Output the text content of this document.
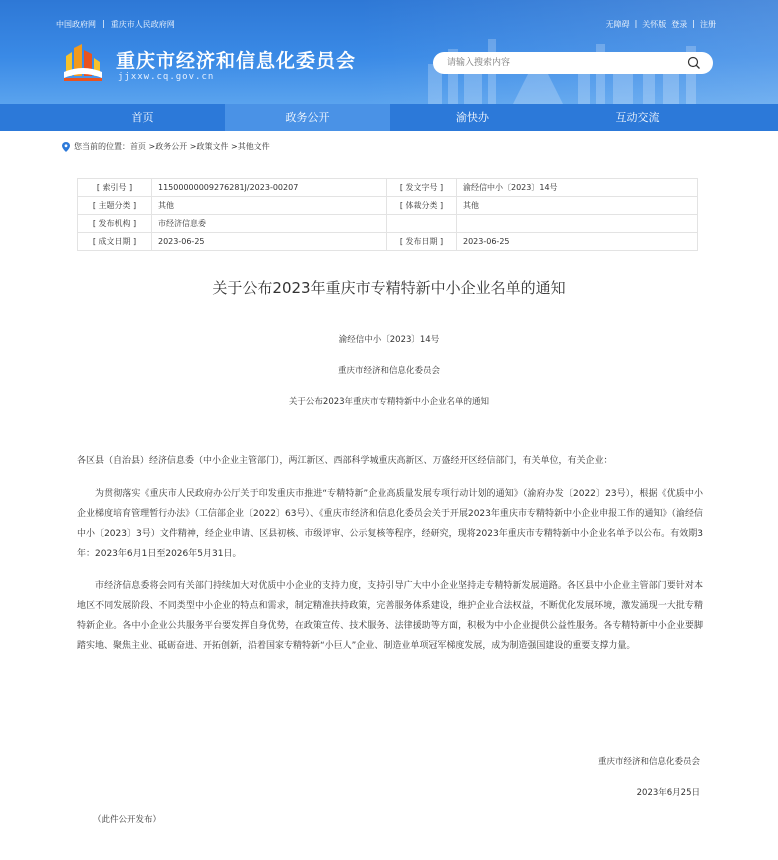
中国政府网 | 重庆市人民政府网	无障碍 | 关怀版 登录 | 注册
重庆市经济和信息化委员会
jjxxw.cq.gov.cn
请输入搜索内容
首页	政务公开	渝快办	互动交流
您当前的位置：首页 >政务公开 >政策文件 >其他文件
[ 索引号 ]	11500000009276281J/2023-00207	[ 发文字号 ]	渝经信中小〔2023〕14号
[ 主题分类 ]	其他	[ 体裁分类 ]	其他
[ 发布机构 ]	市经济信息委		
[ 成文日期 ]	2023-06-25	[ 发布日期 ]	2023-06-25
关于公布2023年重庆市专精特新中小企业名单的通知
渝经信中小〔2023〕14号
重庆市经济和信息化委员会
关于公布2023年重庆市专精特新中小企业名单的通知
各区县（自治县）经济信息委（中小企业主管部门），两江新区、西部科学城重庆高新区、万盛经开区经信部门，有关单位，有关企业：
为贯彻落实《重庆市人民政府办公厅关于印发重庆市推进“专精特新”企业高质量发展专项行动计划的通知》（渝府办发〔2022〕23号），根据《优质中小企业梯度培育管理暂行办法》（工信部企业〔2022〕63号）、《重庆市经济和信息化委员会关于开展2023年重庆市专精特新中小企业申报工作的通知》（渝经信中小〔2023〕3号）文件精神，经企业申请、区县初核、市级评审、公示复核等程序，经研究，现将2023年重庆市专精特新中小企业名单予以公布。有效期3年：2023年6月1日至2026年5月31日。
市经济信息委将会同有关部门持续加大对优质中小企业的支持力度，支持引导广大中小企业坚持走专精特新发展道路。各区县中小企业主管部门要针对本地区不同发展阶段、不同类型中小企业的特点和需求，制定精准扶持政策，完善服务体系建设，维护企业合法权益，不断优化发展环境，激发涌现一大批专精特新企业。各中小企业公共服务平台要发挥自身优势，在政策宣传、技术服务、法律援助等方面，积极为中小企业提供公益性服务。各专精特新中小企业要脚踏实地、聚焦主业、砥砺奋进、开拓创新，沿着国家专精特新“小巨人”企业、制造业单项冠军梯度发展，成为制造强国建设的重要支撑力量。
重庆市经济和信息化委员会
2023年6月25日
（此件公开发布）
